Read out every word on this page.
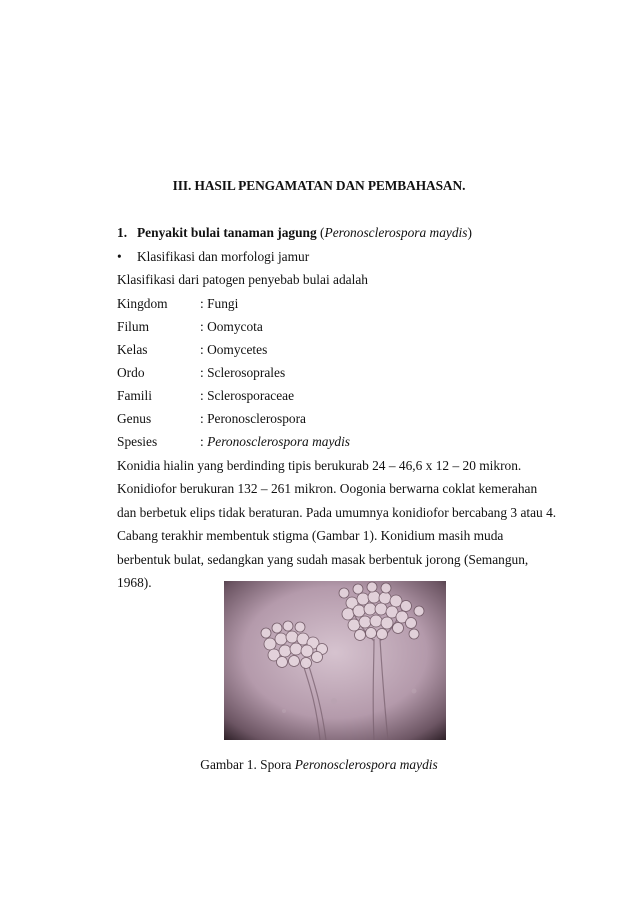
III. HASIL PENGAMATAN DAN PEMBAHASAN.
1. Penyakit bulai tanaman jagung (Peronosclerospora maydis)
• Klasifikasi dan morfologi jamur
Klasifikasi dari patogen penyebab bulai adalah
Kingdom : Fungi
Filum	: Oomycota
Kelas	: Oomycetes
Ordo	: Sclerosoprales
Famili	: Sclerosporaceae
Genus	: Peronosclerospora
Spesies	: Peronosclerospora maydis
Konidia hialin yang berdinding tipis berukurab 24 – 46,6 x 12 – 20 mikron.
Konidiofor berukuran 132 – 261 mikron. Oogonia berwarna coklat kemerahan
dan berbetuk elips tidak beraturan. Pada umumnya konidiofor bercabang 3 atau 4.
Cabang terakhir membentuk stigma (Gambar 1). Konidium masih muda
berbentuk bulat, sedangkan yang sudah masak berbentuk jorong (Semangun,
1968).
Gambar 1. Spora Peronosclerospora maydis
